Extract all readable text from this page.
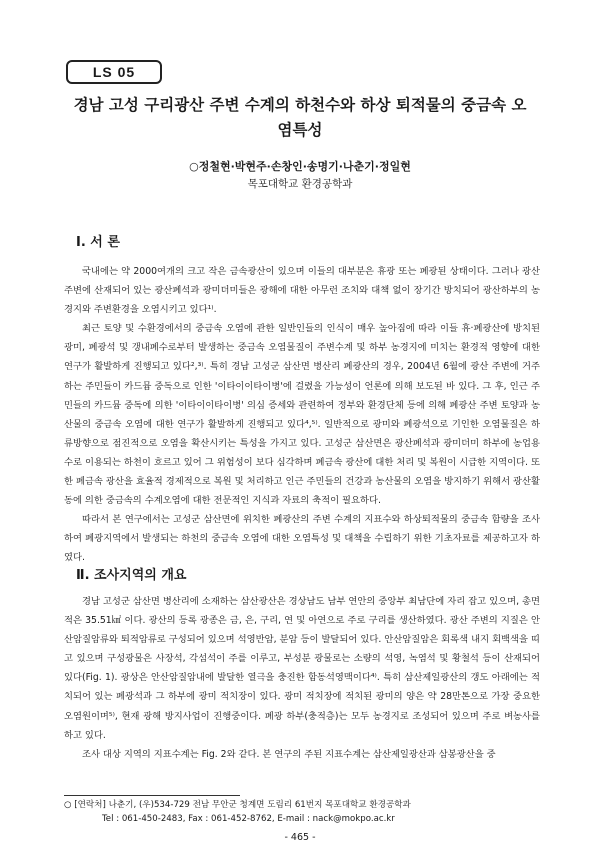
LS 05
경남 고성 구리광산 주변 수계의 하천수와 하상 퇴적물의 중금속 오염특성
○정철현·박현주·손창인·송명기·나춘기·정일현
목포대학교 환경공학과
Ⅰ. 서 론

국내에는 약 2000여개의 크고 작은 금속광산이 있으며 이들의 대부분은 휴광 또는 폐광된 상태이다. 그러나 광산 주변에 산재되어 있는 광산폐석과 광미더미들은 광해에 대한 아무런 조치와 대책 없이 장기간 방치되어 광산하부의 농경지와 주변환경을 오염시키고 있다¹⁾.

최근 토양 및 수환경에서의 중금속 오염에 관한 일반인들의 인식이 매우 높아짐에 따라 이들 휴·폐광산에 방치된 광미, 폐광석 및 갱내폐수로부터 발생하는 중금속 오염물질이 주변수계 및 하부 농경지에 미치는 환경적 영향에 대한 연구가 활발하게 진행되고 있다²,³⁾. 특히 경남 고성군 삼산면 병산리 폐광산의 경우, 2004년 6월에 광산 주변에 거주하는 주민들이 카드뮴 중독으로 인한 '이타이이타이병'에 걸렸을 가능성이 언론에 의해 보도된 바 있다. 그 후, 인근 주민들의 카드뮴 중독에 의한 '이타이이타이병' 의심 증세와 관련하여 정부와 환경단체 등에 의해 폐광산 주변 토양과 농산물의 중금속 오염에 대한 연구가 활발하게 진행되고 있다⁴,⁵⁾. 일반적으로 광미와 폐광석으로 기인한 오염물질은 하류방향으로 점진적으로 오염을 확산시키는 특성을 가지고 있다. 고성군 삼산면은 광산폐석과 광미더미 하부에 농업용수로 이용되는 하천이 흐르고 있어 그 위험성이 보다 심각하며 폐금속 광산에 대한 처리 및 복원이 시급한 지역이다. 또한 폐금속 광산을 효율적 경제적으로 복원 및 처리하고 인근 주민들의 건강과 농산물의 오염을 방지하기 위해서 광산활동에 의한 중금속의 수계오염에 대한 전문적인 지식과 자료의 축적이 필요하다.

따라서 본 연구에서는 고성군 삼산면에 위치한 폐광산의 주변 수계의 지표수와 하상퇴적물의 중금속 함량을 조사하여 폐광지역에서 발생되는 하천의 중금속 오염에 대한 오염특성 및 대책을 수립하기 위한 기초자료를 제공하고자 하였다.

Ⅱ. 조사지역의 개요

경남 고성군 삼산면 병산리에 소재하는 삼산광산은 경상남도 남부 연안의 중앙부 최남단에 자리 잡고 있으며, 총면적은 35.51㎢ 이다. 광산의 등록 광종은 금, 은, 구리, 연 및 아연으로 주로 구리를 생산하였다. 광산 주변의 지질은 안산암질암류와 퇴적암류로 구성되어 있으며 석영반암, 분암 등이 발달되어 있다. 안산암질암은 회록색 내지 회백색을 띠고 있으며 구성광물은 사장석, 각섬석이 주를 이루고, 부성분 광물로는 소량의 석영, 녹염석 및 황철석 등이 산재되어 있다(Fig. 1). 광상은 안산암질암내에 발달한 열극을 충진한 함동석영맥이다⁴⁾. 특히 삼산제일광산의 갱도 아래에는 적치되어 있는 폐광석과 그 하부에 광미 적치장이 있다. 광미 적치장에 적치된 광미의 양은 약 28만톤으로 가장 중요한 오염원이며⁵⁾, 현재 광해 방지사업이 진행중이다. 폐광 하부(충적층)는 모두 농경지로 조성되어 있으며 주로 벼농사를 하고 있다.

조사 대상 지역의 지표수계는 Fig. 2와 같다. 본 연구의 주된 지표수계는 삼산제일광산과 삼봉광산을 중

○ [연락처] 나춘기, (우)534-729 전남 무안군 청계면 도림리 61번지 목포대학교 환경공학과
Tel : 061-450-2483, Fax : 061-452-8762, E-mail : nack@mokpo.ac.kr
- 465 -
